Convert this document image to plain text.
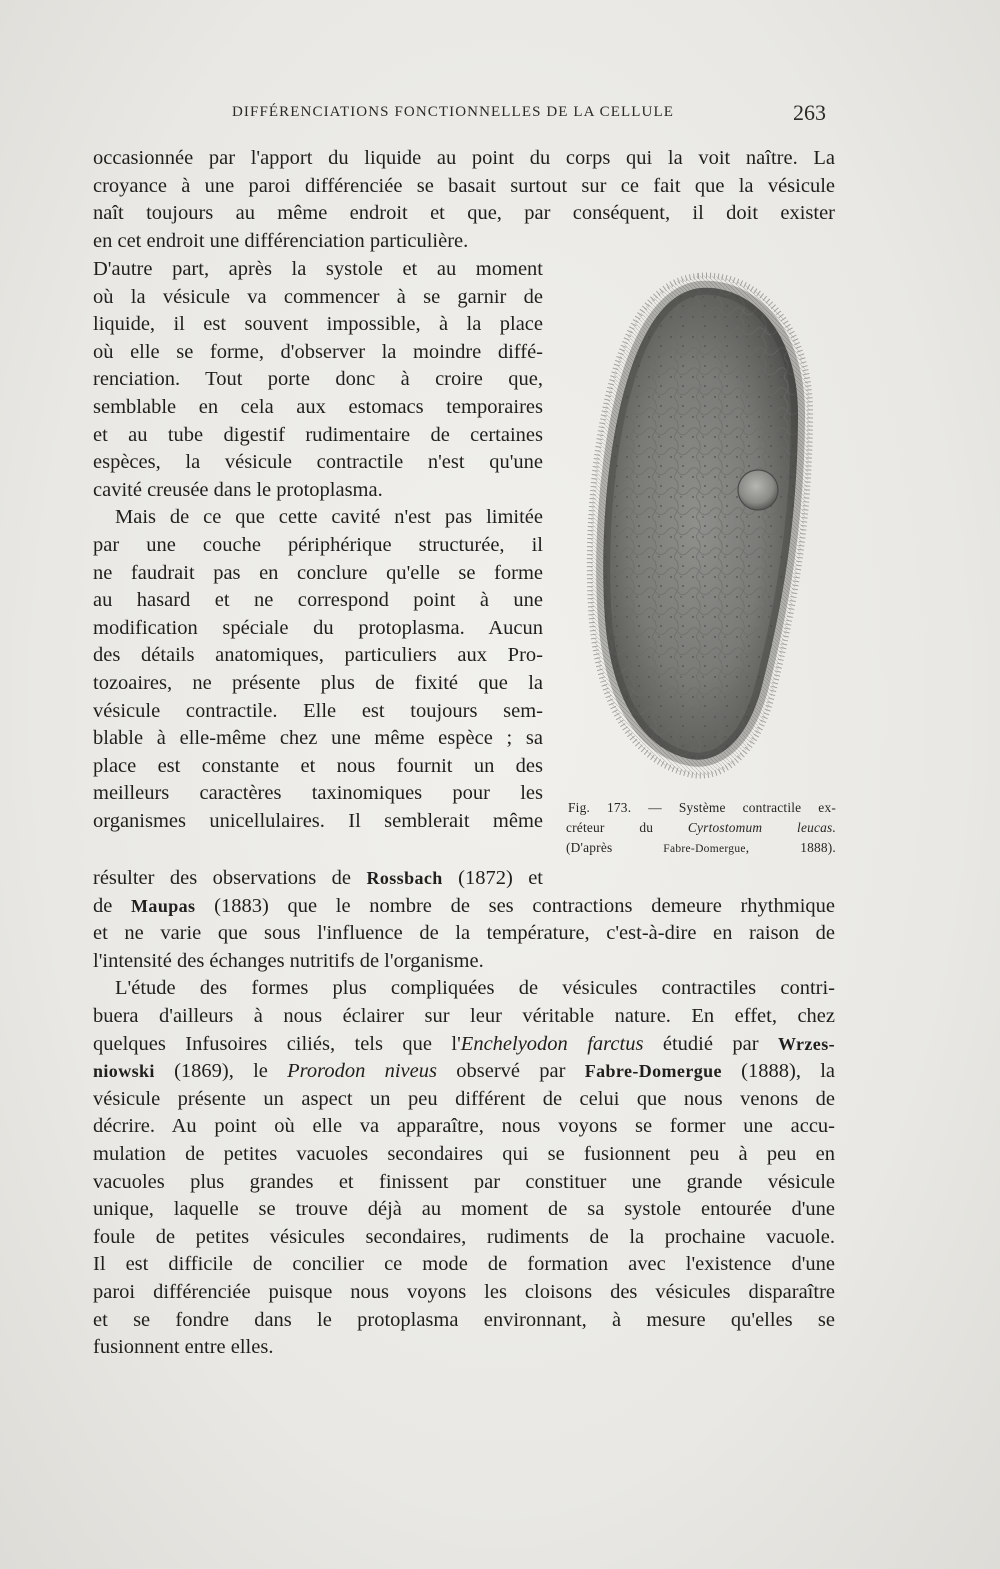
DIFFÉRENCIATIONS FONCTIONNELLES DE LA CELLULE	263
occasionnée par l'apport du liquide au point du corps qui la voit naître. La
croyance à une paroi différenciée se basait surtout sur ce fait que la vésicule
naît toujours au même endroit et que, par conséquent, il doit exister
en cet endroit une différenciation particulière.
D'autre part, après la systole et au moment
où la vésicule va commencer à se garnir de
liquide, il est souvent impossible, à la place
où elle se forme, d'observer la moindre diffé-
renciation. Tout porte donc à croire que,
semblable en cela aux estomacs temporaires
et au tube digestif rudimentaire de certaines
espèces, la vésicule contractile n'est qu'une
cavité creusée dans le protoplasma.
Mais de ce que cette cavité n'est pas limitée
par une couche périphérique structurée, il
ne faudrait pas en conclure qu'elle se forme
au hasard et ne correspond point à une
modification spéciale du protoplasma. Aucun
des détails anatomiques, particuliers aux Pro-
tozoaires, ne présente plus de fixité que la
vésicule contractile. Elle est toujours sem-
blable à elle-même chez une même espèce ; sa
place est constante et nous fournit un des
meilleurs caractères taxinomiques pour les
organismes unicellulaires. Il semblerait même
Fig. 173. — Système contractile ex-
créteur du Cyrtostomum leucas.
(D'après Fabre-Domergue, 1888).
résulter des observations de Rossbach (1872) et
de Maupas (1883) que le nombre de ses contractions demeure rhythmique
et ne varie que sous l'influence de la température, c'est-à-dire en raison de
l'intensité des échanges nutritifs de l'organisme.
L'étude des formes plus compliquées de vésicules contractiles contri-
buera d'ailleurs à nous éclairer sur leur véritable nature. En effet, chez
quelques Infusoires ciliés, tels que l'Enchelyodon farctus étudié par Wrzes-
niowski (1869), le Prorodon niveus observé par Fabre-Domergue (1888), la
vésicule présente un aspect un peu différent de celui que nous venons de
décrire. Au point où elle va apparaître, nous voyons se former une accu-
mulation de petites vacuoles secondaires qui se fusionnent peu à peu en
vacuoles plus grandes et finissent par constituer une grande vésicule
unique, laquelle se trouve déjà au moment de sa systole entourée d'une
foule de petites vésicules secondaires, rudiments de la prochaine vacuole.
Il est difficile de concilier ce mode de formation avec l'existence d'une
paroi différenciée puisque nous voyons les cloisons des vésicules disparaître
et se fondre dans le protoplasma environnant, à mesure qu'elles se
fusionnent entre elles.
